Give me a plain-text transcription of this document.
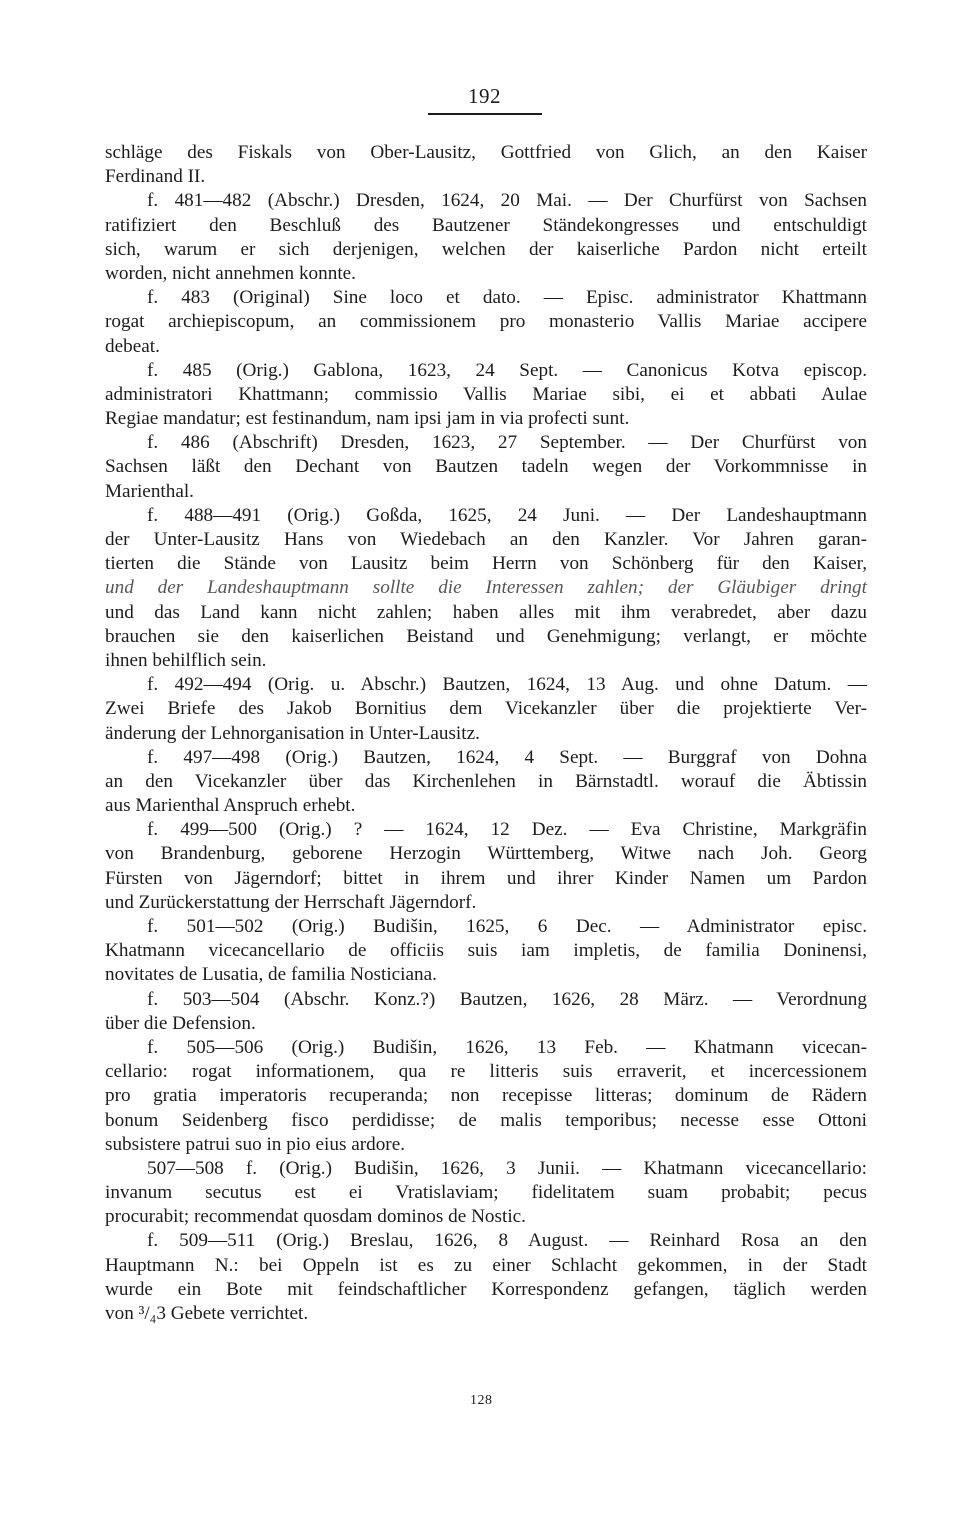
192
schläge des Fiskals von Ober-Lausitz, Gottfried von Glich, an den Kaiser
Ferdinand II.
f. 481—482 (Abschr.) Dresden, 1624, 20 Mai. — Der Churfürst von Sachsen
ratifiziert den Beschluß des Bautzener Ständekongresses und entschuldigt
sich, warum er sich derjenigen, welchen der kaiserliche Pardon nicht erteilt
worden, nicht annehmen konnte.
f. 483 (Original) Sine loco et dato. — Episc. administrator Khattmann
rogat archiepiscopum, an commissionem pro monasterio Vallis Mariae accipere
debeat.
f. 485 (Orig.) Gablona, 1623, 24 Sept. — Canonicus Kotva episcop.
administratori Khattmann; commissio Vallis Mariae sibi, ei et abbati Aulae
Regiae mandatur; est festinandum, nam ipsi jam in via profecti sunt.
f. 486 (Abschrift) Dresden, 1623, 27 September. — Der Churfürst von
Sachsen läßt den Dechant von Bautzen tadeln wegen der Vorkommnisse in
Marienthal.
f. 488—491 (Orig.) Goßda, 1625, 24 Juni. — Der Landeshauptmann
der Unter-Lausitz Hans von Wiedebach an den Kanzler. Vor Jahren garan-
tierten die Stände von Lausitz beim Herrn von Schönberg für den Kaiser,
und der Landeshauptmann sollte die Interessen zahlen; der Gläubiger dringt
und das Land kann nicht zahlen; haben alles mit ihm verabredet, aber dazu
brauchen sie den kaiserlichen Beistand und Genehmigung; verlangt, er möchte
ihnen behilflich sein.
f. 492—494 (Orig. u. Abschr.) Bautzen, 1624, 13 Aug. und ohne Datum. —
Zwei Briefe des Jakob Bornitius dem Vicekanzler über die projektierte Ver-
änderung der Lehnorganisation in Unter-Lausitz.
f. 497—498 (Orig.) Bautzen, 1624, 4 Sept. — Burggraf von Dohna
an den Vicekanzler über das Kirchenlehen in Bärnstadtl. worauf die Äbtissin
aus Marienthal Anspruch erhebt.
f. 499—500 (Orig.) ? — 1624, 12 Dez. — Eva Christine, Markgräfin
von Brandenburg, geborene Herzogin Württemberg, Witwe nach Joh. Georg
Fürsten von Jägerndorf; bittet in ihrem und ihrer Kinder Namen um Pardon
und Zurückerstattung der Herrschaft Jägerndorf.
f. 501—502 (Orig.) Budišin, 1625, 6 Dec. — Administrator episc.
Khatmann vicecancellario de officiis suis iam impletis, de familia Doninensi,
novitates de Lusatia, de familia Nosticiana.
f. 503—504 (Abschr. Konz.?) Bautzen, 1626, 28 März. — Verordnung
über die Defension.
f. 505—506 (Orig.) Budišin, 1626, 13 Feb. — Khatmann vicecan-
cellario: rogat informationem, qua re litteris suis erraverit, et incercessionem
pro gratia imperatoris recuperanda; non recepisse litteras; dominum de Rädern
bonum Seidenberg fisco perdidisse; de malis temporibus; necesse esse Ottoni
subsistere patrui suo in pio eius ardore.
507—508 f. (Orig.) Budišin, 1626, 3 Junii. — Khatmann vicecancellario:
invanum secutus est ei Vratislaviam; fidelitatem suam probabit; pecus
procurabit; recommendat quosdam dominos de Nostic.
f. 509—511 (Orig.) Breslau, 1626, 8 August. — Reinhard Rosa an den
Hauptmann N.: bei Oppeln ist es zu einer Schlacht gekommen, in der Stadt
wurde ein Bote mit feindschaftlicher Korrespondenz gefangen, täglich werden
von ³/₄3 Gebete verrichtet.
128
